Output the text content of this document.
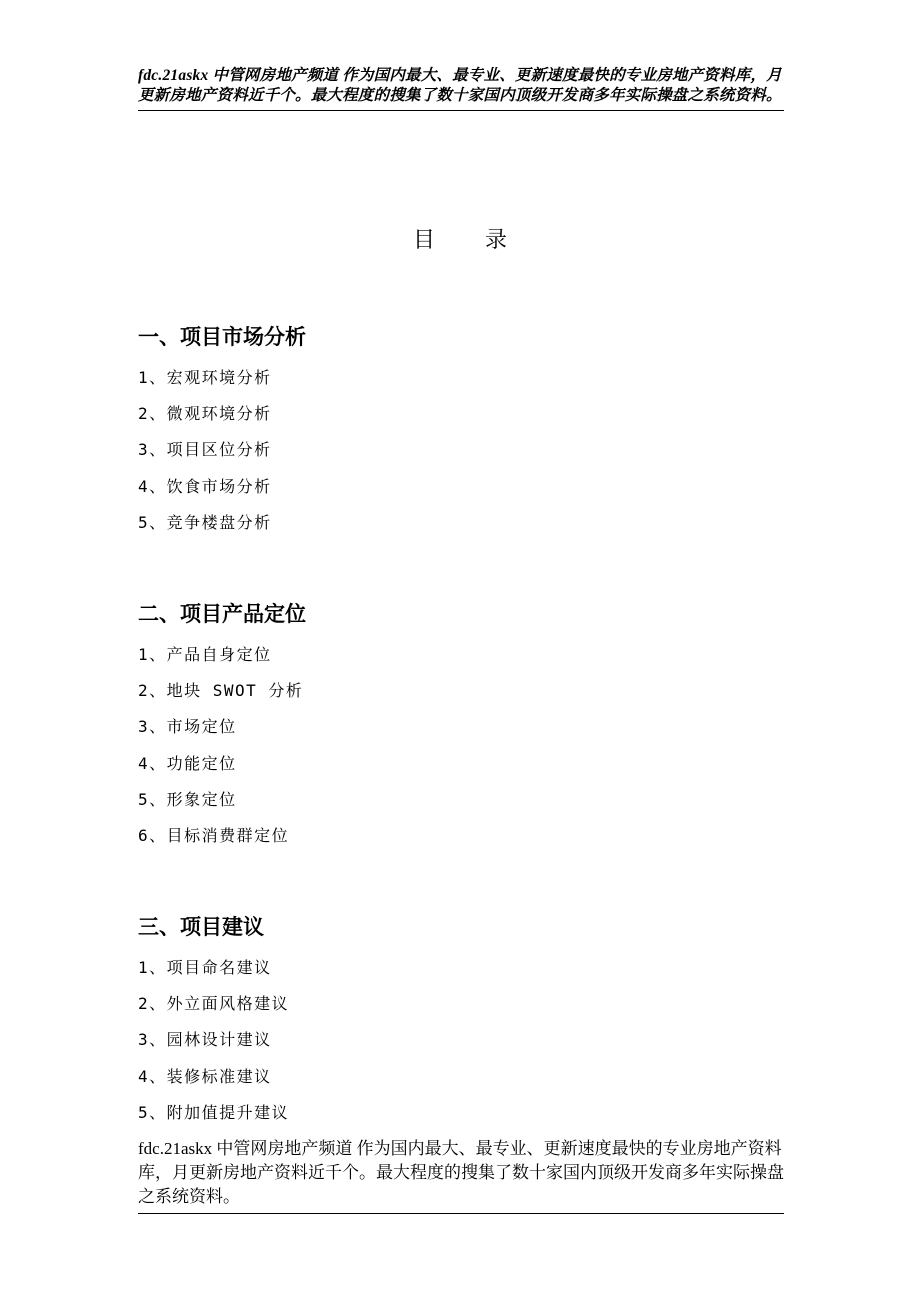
fdc.21askx 中管网房地产频道 作为国内最大、最专业、更新速度最快的专业房地产资料库，月更新房地产资料近千个。最大程度的搜集了数十家国内顶级开发商多年实际操盘之系统资料。
目录
一、项目市场分析
1、宏观环境分析
2、微观环境分析
3、项目区位分析
4、饮食市场分析
5、竞争楼盘分析
二、项目产品定位
1、产品自身定位
2、地块 SWOT 分析
3、市场定位
4、功能定位
5、形象定位
6、目标消费群定位
三、项目建议
1、项目命名建议
2、外立面风格建议
3、园林设计建议
4、装修标准建议
5、附加值提升建议
fdc.21askx 中管网房地产频道 作为国内最大、最专业、更新速度最快的专业房地产资料库，月更新房地产资料近千个。最大程度的搜集了数十家国内顶级开发商多年实际操盘之系统资料。
